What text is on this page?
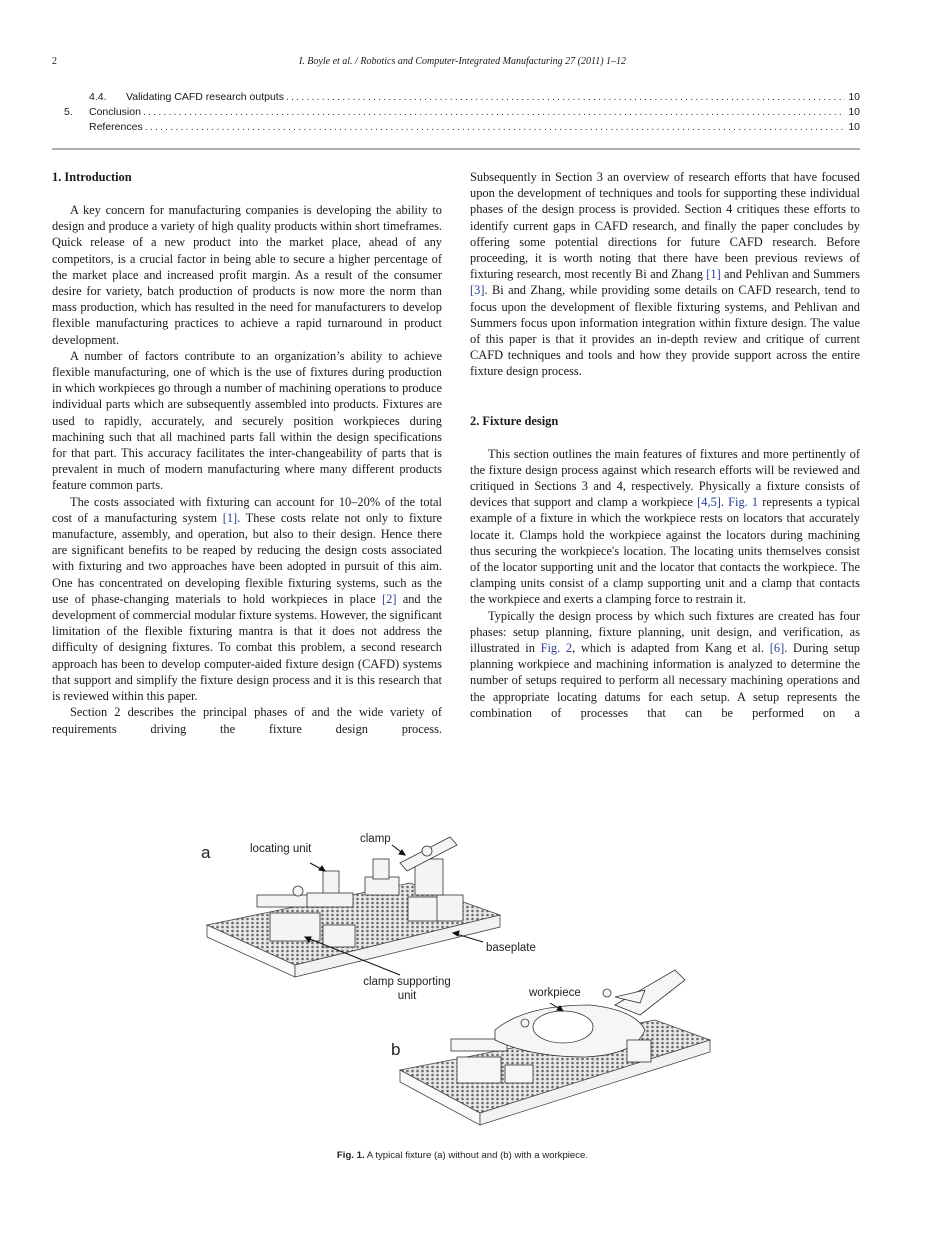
2	I. Boyle et al. / Robotics and Computer-Integrated Manufacturing 27 (2011) 1–12
4.4.	Validating CAFD research outputs .....	10
5.	Conclusion .....	10
References .....	10
1. Introduction

A key concern for manufacturing companies is developing the ability to design and produce a variety of high quality products within short timeframes. Quick release of a new product into the market place, ahead of any competitors, is a crucial factor in being able to secure a higher percentage of the market place and increased profit margin. As a result of the consumer desire for variety, batch production of products is now more the norm than mass production, which has resulted in the need for manufacturers to develop flexible manufacturing practices to achieve a rapid turnaround in product development.

A number of factors contribute to an organization’s ability to achieve flexible manufacturing, one of which is the use of fixtures during production in which workpieces go through a number of machining operations to produce individual parts which are subsequently assembled into products. Fixtures are used to rapidly, accurately, and securely position workpieces during machining such that all machined parts fall within the design specifications for that part. This accuracy facilitates the inter-changeability of parts that is prevalent in much of modern manufacturing where many different products feature common parts.

The costs associated with fixturing can account for 10–20% of the total cost of a manufacturing system [1]. These costs relate not only to fixture manufacture, assembly, and operation, but also to their design. Hence there are significant benefits to be reaped by reducing the design costs associated with fixturing and two approaches have been adopted in pursuit of this aim. One has concentrated on developing flexible fixturing systems, such as the use of phase-changing materials to hold workpieces in place [2] and the development of commercial modular fixture systems. However, the significant limitation of the flexible fixturing mantra is that it does not address the difficulty of designing fixtures. To combat this problem, a second research approach has been to develop computer-aided fixture design (CAFD) systems that support and simplify the fixture design process and it is this research that is reviewed within this paper.

Section 2 describes the principal phases of and the wide variety of requirements driving the fixture design process.

Subsequently in Section 3 an overview of research efforts that have focused upon the development of techniques and tools for supporting these individual phases of the design process is provided. Section 4 critiques these efforts to identify current gaps in CAFD research, and finally the paper concludes by offering some potential directions for future CAFD research. Before proceeding, it is worth noting that there have been previous reviews of fixturing research, most recently Bi and Zhang [1] and Pehlivan and Summers [3]. Bi and Zhang, while providing some details on CAFD research, tend to focus upon the development of flexible fixturing systems, and Pehlivan and Summers focus upon information integration within fixture design. The value of this paper is that it provides an in-depth review and critique of current CAFD techniques and tools and how they provide support across the entire fixture design process.

2. Fixture design

This section outlines the main features of fixtures and more pertinently of the fixture design process against which research efforts will be reviewed and critiqued in Sections 3 and 4, respectively. Physically a fixture consists of devices that support and clamp a workpiece [4,5]. Fig. 1 represents a typical example of a fixture in which the workpiece rests on locators that accurately locate it. Clamps hold the workpiece against the locators during machining thus securing the workpiece's location. The locating units themselves consist of the locator supporting unit and the locator that contacts the workpiece. The clamping units consist of a clamp supporting unit and a clamp that contacts the workpiece and exerts a clamping force to restrain it.

Typically the design process by which such fixtures are created has four phases: setup planning, fixture planning, unit design, and verification, as illustrated in Fig. 2, which is adapted from Kang et al. [6]. During setup planning workpiece and machining information is analyzed to determine the number of setups required to perform all necessary machining operations and the appropriate locating datums for each setup. A setup represents the combination of processes that can be performed on a

a	locating unit
clamp
baseplate
clamp supporting
unit
b
workpiece
Fig. 1. A typical fixture (a) without and (b) with a workpiece.
